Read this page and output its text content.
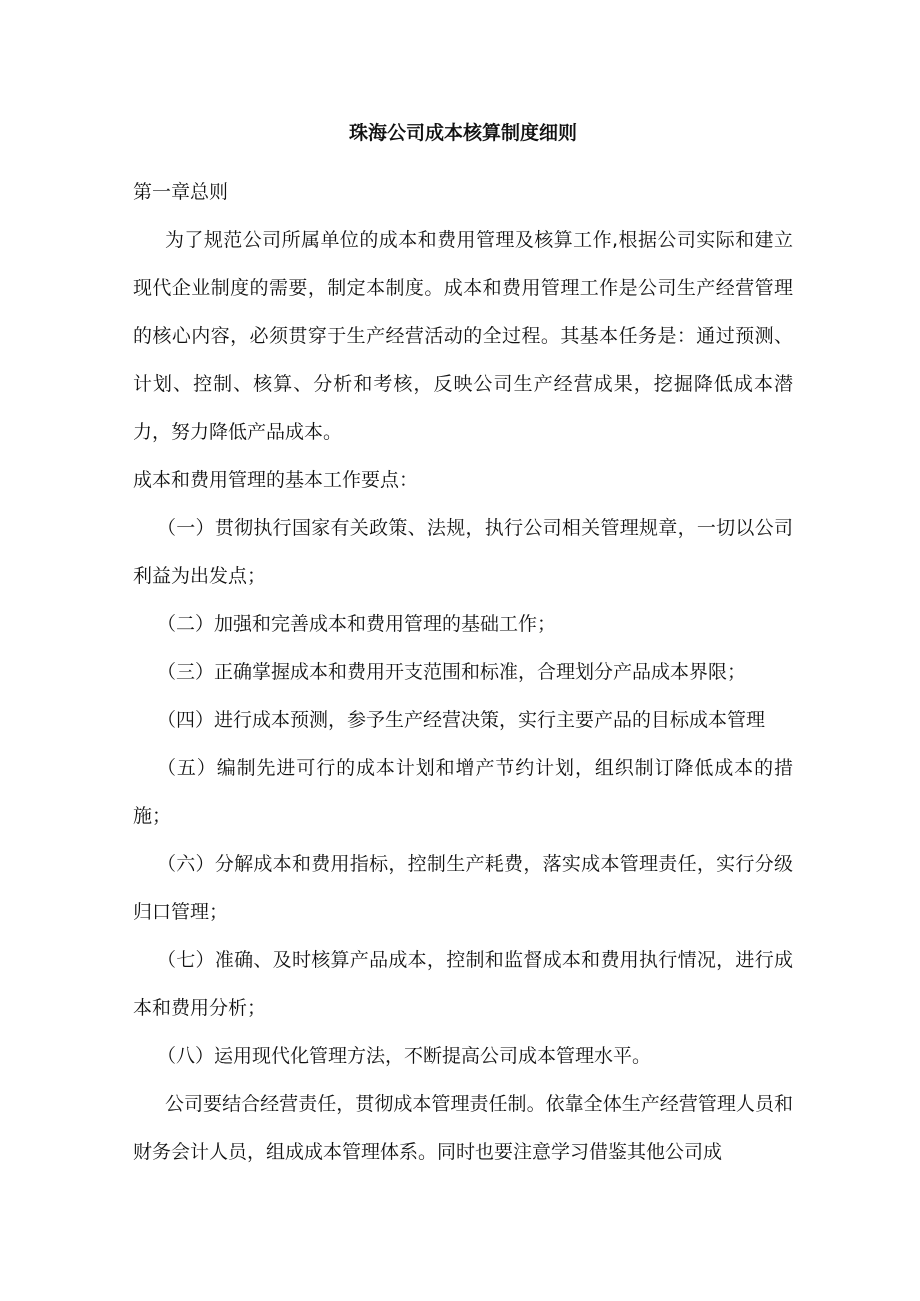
珠海公司成本核算制度细则

第一章总则

为了规范公司所属单位的成本和费用管理及核算工作,根据公司实际和建立现代企业制度的需要，制定本制度。成本和费用管理工作是公司生产经营管理的核心内容，必须贯穿于生产经营活动的全过程。其基本任务是：通过预测、计划、控制、核算、分析和考核，反映公司生产经营成果，挖掘降低成本潜力，努力降低产品成本。

成本和费用管理的基本工作要点：

（一）贯彻执行国家有关政策、法规，执行公司相关管理规章，一切以公司利益为出发点；

（二）加强和完善成本和费用管理的基础工作；

（三）正确掌握成本和费用开支范围和标准，合理划分产品成本界限；

（四）进行成本预测，参予生产经营决策，实行主要产品的目标成本管理

（五）编制先进可行的成本计划和增产节约计划，组织制订降低成本的措施；

（六）分解成本和费用指标，控制生产耗费，落实成本管理责任，实行分级归口管理；

（七）准确、及时核算产品成本，控制和监督成本和费用执行情况，进行成本和费用分析；

（八）运用现代化管理方法，不断提高公司成本管理水平。

公司要结合经营责任，贯彻成本管理责任制。依靠全体生产经营管理人员和财务会计人员，组成成本管理体系。同时也要注意学习借鉴其他公司成
